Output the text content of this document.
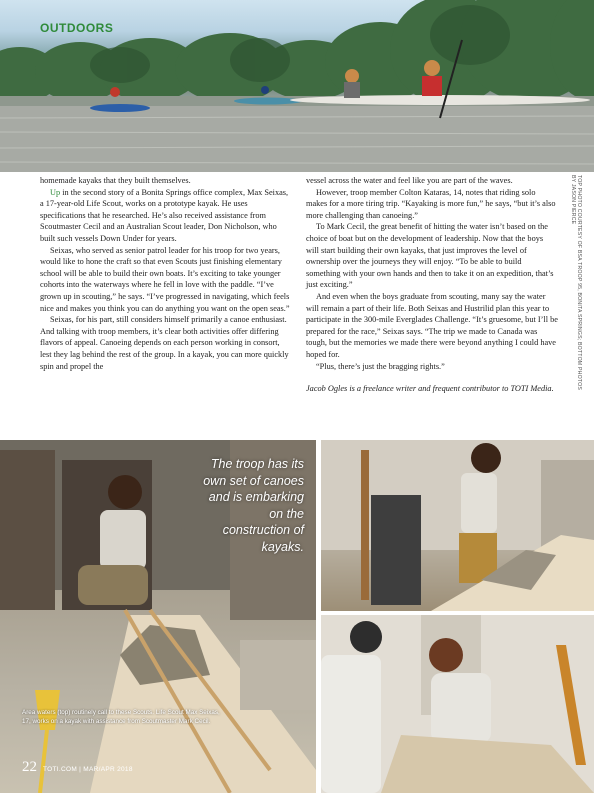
OUTDOORS

homemade kayaks that they built themselves.

Up in the second story of a Bonita Springs office complex, Max Seixas, a 17-year-old Life Scout, works on a prototype kayak. He uses specifications that he researched. He’s also received assistance from Scoutmaster Cecil and an Australian Scout leader, Don Nicholson, who built such vessels Down Under for years.

Seixas, who served as senior patrol leader for his troop for two years, would like to hone the craft so that even Scouts just finishing elementary school will be able to build their own boats. It’s exciting to take younger cohorts into the waterways where he fell in love with the paddle. “I’ve grown up in scouting,” he says. “I’ve progressed in navigating, which feels nice and makes you think you can do anything you want on the open seas.”

Seixas, for his part, still considers himself primarily a canoe enthusiast. And talking with troop members, it’s clear both activities offer differing flavors of appeal. Canoeing depends on each person working in consort, lest they lag behind the rest of the group. In a kayak, you can more quickly spin and propel the

vessel across the water and feel like you are part of the waves.

However, troop member Colton Kataras, 14, notes that riding solo makes for a more tiring trip. “Kayaking is more fun,” he says, “but it’s also more challenging than canoeing.”

To Mark Cecil, the great benefit of hitting the water isn’t based on the choice of boat but on the development of leadership. Now that the boys will start building their own kayaks, that just improves the level of ownership over the journeys they will enjoy. “To be able to build something with your own hands and then to take it on an expedition, that’s just exciting.”

And even when the boys graduate from scouting, many say the water will remain a part of their life. Both Seixas and Hustrilid plan this year to participate in the 300-mile Everglades Challenge. “It’s gruesome, but I’ll be prepared for the race,” Seixas says. “The trip we made to Canada was tough, but the memories we made there were beyond anything I could have hoped for.

“Plus, there’s just the bragging rights.”

Jacob Ogles is a freelance writer and frequent contributor to TOTI Media.	TOP PHOTO COURTESY OF BSA TROOP 95, BONITA SPRINGS; BOTTOM PHOTOS BY JASON PIERCE
The troop has its own set of canoes and is embarking on the construction of kayaks.
Area waters (top) routinely call to these Scouts. Life Scout Max Seixas, 17, works on a kayak with assistance from Scoutmaster Mark Cecil.
22 TOTI.COM | MAR/APR 2018
